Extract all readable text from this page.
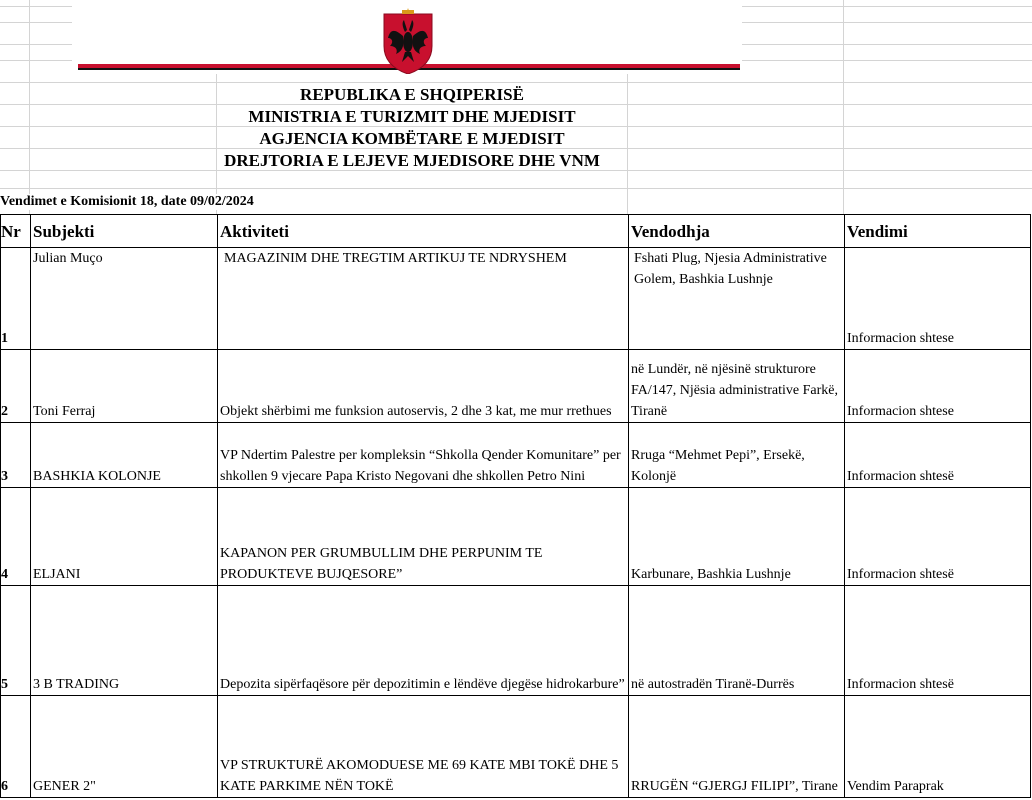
REPUBLIKA E SHQIPERISË
MINISTRIA E TURIZMIT DHE MJEDISIT
AGJENCIA KOMBËTARE E MJEDISIT
DREJTORIA E LEJEVE MJEDISORE DHE VNM
Vendimet e Komisionit 18, date 09/02/2024
Nr	Subjekti	Aktiviteti	Vendodhja	Vendimi
1	Julian Muço	MAGAZINIM DHE TREGTIM ARTIKUJ TE NDRYSHEM	Fshati Plug, Njesia Administrative Golem, Bashkia Lushnje	Informacion shtese
2	Toni Ferraj	Objekt shërbimi me funksion autoservis, 2 dhe 3 kat, me mur rrethues	në Lundër, në njësinë strukturore FA/147, Njësia administrative Farkë, Tiranë	Informacion shtese
3	BASHKIA KOLONJE	VP Ndertim Palestre per kompleksin “Shkolla Qender Komunitare” per shkollen 9 vjecare Papa Kristo Negovani dhe shkollen Petro Nini	Rruga “Mehmet Pepi”, Ersekë, Kolonjë	Informacion shtesë
4	ELJANI	KAPANON PER GRUMBULLIM DHE PERPUNIM TE PRODUKTEVE BUJQESORE”	Karbunare, Bashkia Lushnje	Informacion shtesë
5	3 B TRADING	Depozita sipërfaqësore për depozitimin e lëndëve djegëse hidrokarbure”	në autostradën Tiranë-Durrës	Informacion shtesë
6	GENER 2"	VP STRUKTURË AKOMODUESE ME 69 KATE MBI TOKË DHE 5 KATE PARKIME NËN TOKË	RRUGËN “GJERGJ FILIPI”, Tirane	Vendim Paraprak
